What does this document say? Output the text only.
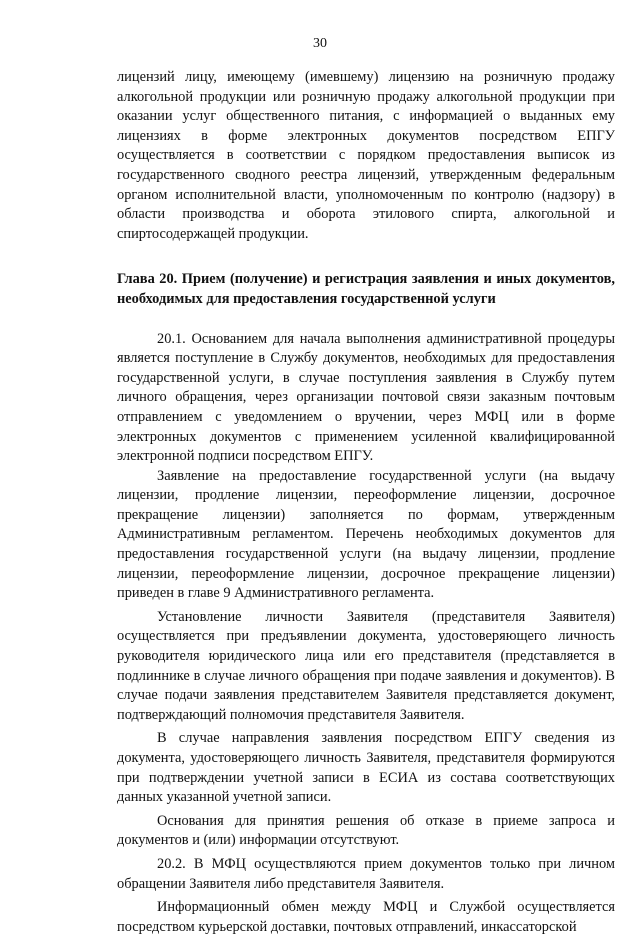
30

лицензий лицу, имеющему (имевшему) лицензию на розничную продажу алкогольной продукции или розничную продажу алкогольной продукции при оказании услуг общественного питания, с информацией о выданных ему лицензиях в форме электронных документов посредством ЕПГУ осуществляется в соответствии с порядком предоставления выписок из государственного сводного реестра лицензий, утвержденным федеральным органом исполнительной власти, уполномоченным по контролю (надзору) в области производства и оборота этилового спирта, алкогольной и спиртосодержащей продукции.

Глава 20. Прием (получение) и регистрация заявления и иных документов, необходимых для предоставления государственной услуги

20.1. Основанием для начала выполнения административной процедуры является поступление в Службу документов, необходимых для предоставления государственной услуги, в случае поступления заявления в Службу путем личного обращения, через организации почтовой связи заказным почтовым отправлением с уведомлением о вручении, через МФЦ или в форме электронных документов с применением усиленной квалифицированной электронной подписи посредством ЕПГУ.

Заявление на предоставление государственной услуги (на выдачу лицензии, продление лицензии, переоформление лицензии, досрочное прекращение лицензии) заполняется по формам, утвержденным Административным регламентом. Перечень необходимых документов для предоставления государственной услуги (на выдачу лицензии, продление лицензии, переоформление лицензии, досрочное прекращение лицензии) приведен в главе 9 Административного регламента.

Установление личности Заявителя (представителя Заявителя) осуществляется при предъявлении документа, удостоверяющего личность руководителя юридического лица или его представителя (представляется в подлиннике в случае личного обращения при подаче заявления и документов). В случае подачи заявления представителем Заявителя представляется документ, подтверждающий полномочия представителя Заявителя.

В случае направления заявления посредством ЕПГУ сведения из документа, удостоверяющего личность Заявителя, представителя формируются при подтверждении учетной записи в ЕСИА из состава соответствующих данных указанной учетной записи.

Основания для принятия решения об отказе в приеме запроса и документов и (или) информации отсутствуют.

20.2. В МФЦ осуществляются прием документов только при личном обращении Заявителя либо представителя Заявителя.

Информационный обмен между МФЦ и Службой осуществляется посредством курьерской доставки, почтовых отправлений, инкассаторской
